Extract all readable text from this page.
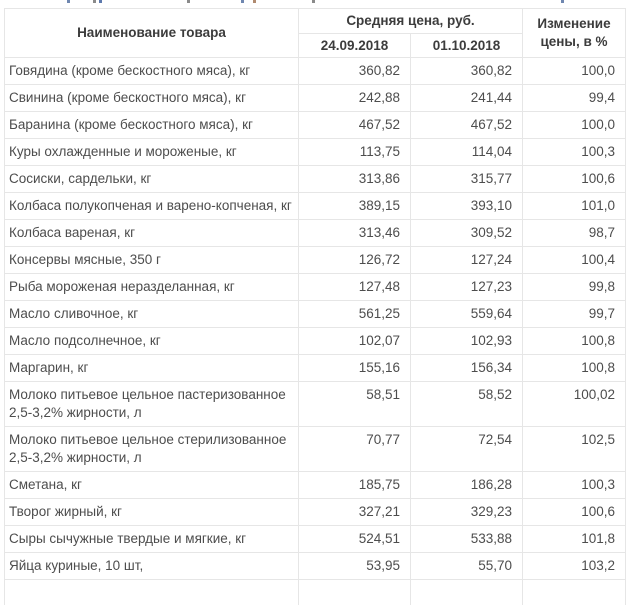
Наименование товара	Средняя цена, руб.		Изменение цены, в %
	24.09.2018	01.10.2018	
Говядина (кроме бескостного мяса), кг	360,82	360,82	100,0
Свинина (кроме бескостного мяса), кг	242,88	241,44	99,4
Баранина (кроме бескостного мяса), кг	467,52	467,52	100,0
Куры охлажденные и мороженые, кг	113,75	114,04	100,3
Сосиски, сардельки, кг	313,86	315,77	100,6
Колбаса полукопченая и варено-копченая, кг	389,15	393,10	101,0
Колбаса вареная, кг	313,46	309,52	98,7
Консервы мясные, 350 г	126,72	127,24	100,4
Рыба мороженая неразделанная, кг	127,48	127,23	99,8
Масло сливочное, кг	561,25	559,64	99,7
Масло подсолнечное, кг	102,07	102,93	100,8
Маргарин, кг	155,16	156,34	100,8
Молоко питьевое цельное пастеризованное 2,5-3,2% жирности, л	58,51	58,52	100,02
Молоко питьевое цельное стерилизованное 2,5-3,2% жирности, л	70,77	72,54	102,5
Сметана, кг	185,75	186,28	100,3
Творог жирный, кг	327,21	329,23	100,6
Сыры сычужные твердые и мягкие, кг	524,51	533,88	101,8
Яйца куриные, 10 шт,	53,95	55,70	103,2
